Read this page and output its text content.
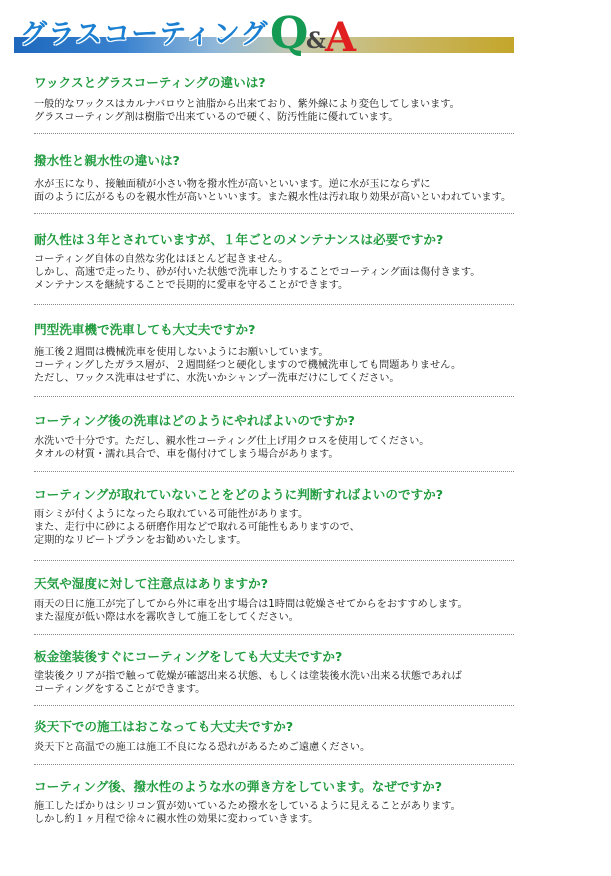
グラスコーティング Q
& A
ワックスとグラスコーティングの違いは?
一般的なワックスはカルナバロウと油脂から出来ており、紫外線により変色してしまいます。
グラスコーティング剤は樹脂で出来ているので硬く、防汚性能に優れています。
撥水性と親水性の違いは?
水が玉になり、接触面積が小さい物を撥水性が高いといいます。逆に水が玉にならずに
面のように広がるものを親水性が高いといいます。また親水性は汚れ取り効果が高いといわれています。
耐久性は３年とされていますが、１年ごとのメンテナンスは必要ですか?
コーティング自体の自然な劣化はほとんど起きません。
しかし、高速で走ったり、砂が付いた状態で洗車したりすることでコーティング面は傷付きます。
メンテナンスを継続することで長期的に愛車を守ることができます。
門型洗車機で洗車しても大丈夫ですか?
施工後２週間は機械洗車を使用しないようにお願いしています。
コーティングしたガラス層が、２週間経つと硬化しますので機械洗車しても問題ありません。
ただし、ワックス洗車はせずに、水洗いかシャンプー洗車だけにしてください。
コーティング後の洗車はどのようにやればよいのですか?
水洗いで十分です。ただし、親水性コーティング仕上げ用クロスを使用してください。
タオルの材質・濡れ具合で、車を傷付けてしまう場合があります。
コーティングが取れていないことをどのように判断すればよいのですか?
雨シミが付くようになったら取れている可能性があります。
また、走行中に砂による研磨作用などで取れる可能性もありますので、
定期的なリピートプランをお勧めいたします。
天気や湿度に対して注意点はありますか?
雨天の日に施工が完了してから外に車を出す場合は1時間は乾燥させてからをおすすめします。
また湿度が低い際は水を霧吹きして施工をしてください。
板金塗装後すぐにコーティングをしても大丈夫ですか?
塗装後クリアが指で触って乾燥が確認出来る状態、もしくは塗装後水洗い出来る状態であれば
コーティングをすることができます。
炎天下での施工はおこなっても大丈夫ですか?
炎天下と高温での施工は施工不良になる恐れがあるためご遠慮ください。
コーティング後、撥水性のような水の弾き方をしています。なぜですか?
施工したばかりはシリコン質が効いているため撥水をしているように見えることがあります。
しかし約１ヶ月程で徐々に親水性の効果に変わっていきます。
